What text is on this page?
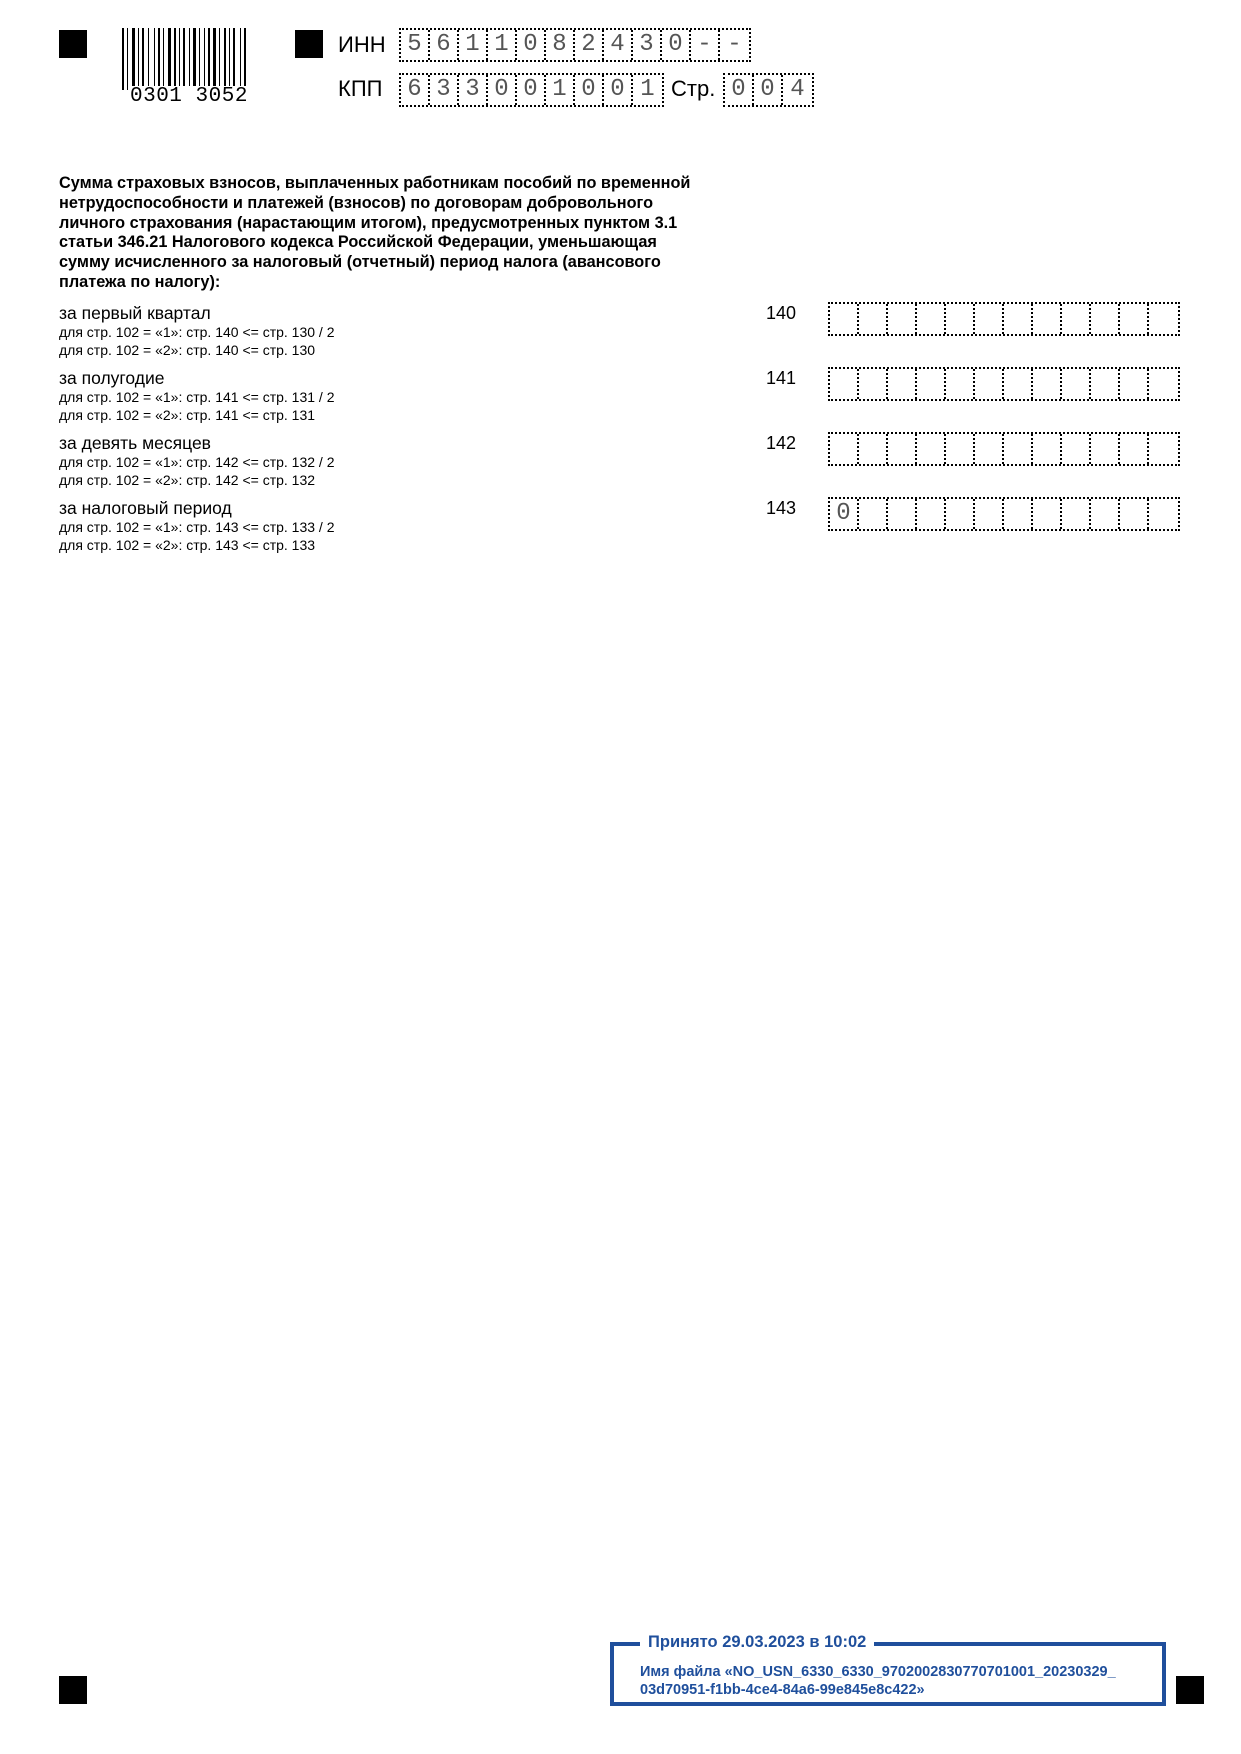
0301 3052
ИНН 5 6 1 1 0 8 2 4 3 0 - -
КПП 6 3 3 0 0 1 0 0 1 Стр. 0 0 4
Сумма страховых взносов, выплаченных работникам пособий по временной нетрудоспособности и платежей (взносов) по договорам добровольного личного страхования (нарастающим итогом), предусмотренных пунктом 3.1 статьи 346.21 Налогового кодекса Российской Федерации, уменьшающая сумму исчисленного за налоговый (отчетный) период налога (авансового платежа по налогу):
за первый квартал
для стр. 102 = «1»: стр. 140 <= стр. 130 / 2
для стр. 102 = «2»: стр. 140 <= стр. 130
140
за полугодие
для стр. 102 = «1»: стр. 141 <= стр. 131 / 2
для стр. 102 = «2»: стр. 141 <= стр. 131
141
за девять месяцев
для стр. 102 = «1»: стр. 142 <= стр. 132 / 2
для стр. 102 = «2»: стр. 142 <= стр. 132
142
за налоговый период
для стр. 102 = «1»: стр. 143 <= стр. 133 / 2
для стр. 102 = «2»: стр. 143 <= стр. 133
143 0
Принято 29.03.2023 в 10:02
Имя файла «NO_USN_6330_6330_9702002830770701001_20230329_
03d70951-f1bb-4ce4-84a6-99e845e8c422»
